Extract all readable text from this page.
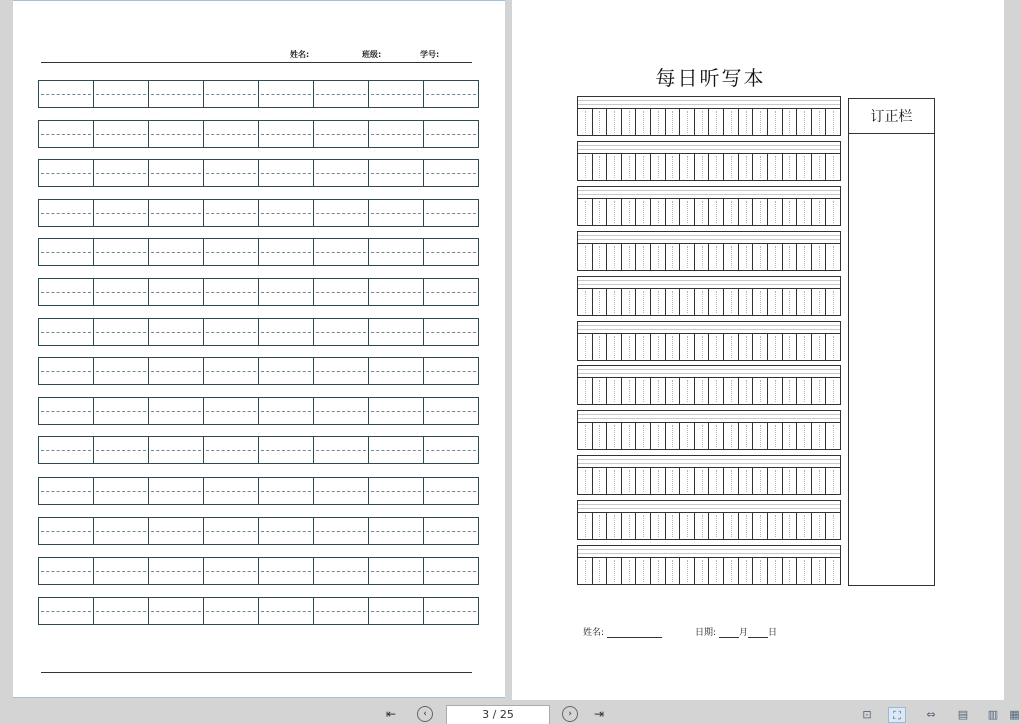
姓名:	班级:	学号:
每日听写本
订正栏
姓名:	日期:	月 日
⇤	‹	›	⇥
3 / 25	⊡	⛶	⇔	▤	▥	▦
